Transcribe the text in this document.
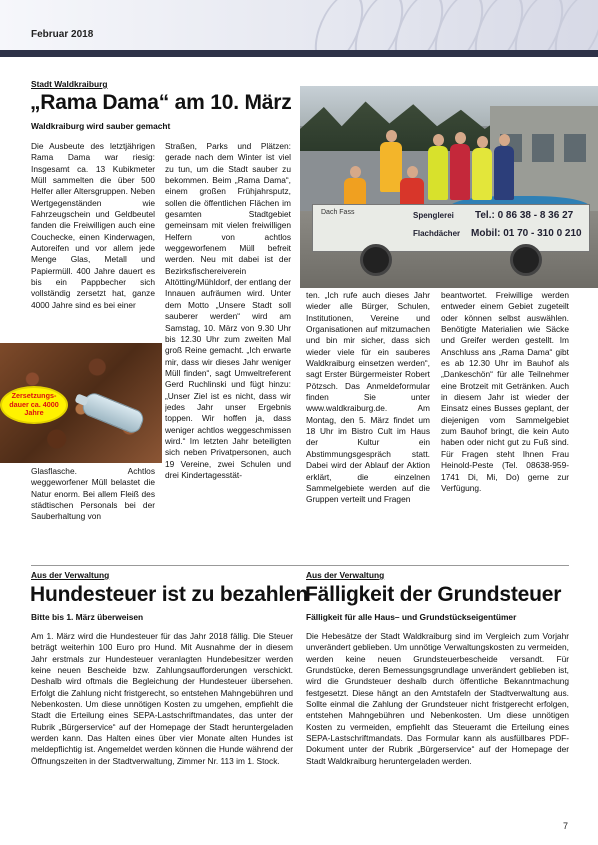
Februar 2018
Stadt Waldkraiburg
„Rama Dama“ am 10. März
Waldkraiburg wird sauber gemacht

Die Ausbeute des letztjährigen Rama Dama war riesig: Insgesamt ca. 13 Kubikmeter Müll sammelten die über 500 Helfer aller Altersgruppen. Neben Wertgegenständen wie Fahrzeugschein und Geldbeutel fanden die Freiwilligen auch eine Couchecke, einen Kinderwagen, Autoreifen und vor allem jede Menge Glas, Metall und Papiermüll. 400 Jahre dauert es bis ein Pappbecher sich vollständig zersetzt hat, ganze 4000 Jahre sind es bei einer

Zersetzungs-dauer ca. 4000 Jahre

Glasflasche. Achtlos weggeworfener Müll belastet die Natur enorm. Bei allem Fleiß des städtischen Personals bei der Sauberhaltung von

Straßen, Parks und Plätzen: gerade nach dem Winter ist viel zu tun, um die Stadt sauber zu bekommen. Beim „Rama Dama“, einem großen Frühjahrsputz, sollen die öffentlichen Flächen im gesamten Stadtgebiet gemeinsam mit vielen freiwilligen Helfern von achtlos weggeworfenem Müll befreit werden. Neu mit dabei ist der Bezirksfischereiverein Altötting/Mühldorf, der entlang der Innauen aufräumen wird. Unter dem Motto „Unsere Stadt soll sauberer werden“ wird am Samstag, 10. März von 9.30 Uhr bis 12.30 Uhr zum zweiten Mal groß Reine gemacht. „Ich erwarte mir, dass wir dieses Jahr weniger Müll finden“, sagt Umweltreferent Gerd Ruchlinski und fügt hinzu: „Unser Ziel ist es nicht, dass wir jedes Jahr unser Ergebnis toppen. Wir hoffen ja, dass weniger achtlos weggeschmissen wird.“ Im letzten Jahr beteiligten sich neben Privatpersonen, auch 19 Vereine, zwei Schulen und drei Kindertagesstät-

Dach Fass	Spenglerei
Flachdächer
Tel.: 0 86 38 - 8 36 27
Mobil: 01 70 - 310 0 210

ten. „Ich rufe auch dieses Jahr wieder alle Bürger, Schulen, Institutionen, Vereine und Organisationen auf mitzumachen und bin mir sicher, dass sich wieder viele für ein sauberes Waldkraiburg einsetzen werden“, sagt Erster Bürgermeister Robert Pötzsch. Das Anmeldeformular finden Sie unter www.waldkraiburg.de. Am Montag, den 5. März findet um 18 Uhr im Bistro Cult im Haus der Kultur ein Abstimmungsgespräch statt. Dabei wird der Ablauf der Aktion erklärt, die einzelnen Sammelgebiete werden auf die Gruppen verteilt und Fragen

beantwortet. Freiwillige werden entweder einem Gebiet zugeteilt oder können selbst auswählen. Benötigte Materialien wie Säcke und Greifer werden gestellt. Im Anschluss ans „Rama Dama“ gibt es ab 12.30 Uhr im Bauhof als „Dankeschön“ für alle Teilnehmer eine Brotzeit mit Getränken. Auch in diesem Jahr ist wieder der Einsatz eines Busses geplant, der diejenigen vom Sammelgebiet zum Bauhof bringt, die kein Auto haben oder nicht gut zu Fuß sind. Für Fragen steht Ihnen Frau Heinold-Peste (Tel. 08638-959-1741 Di, Mi, Do) gerne zur Verfügung.

Aus der Verwaltung
Hundesteuer ist zu bezahlen
Bitte bis 1. März überweisen

Am 1. März wird die Hundesteuer für das Jahr 2018 fällig. Die Steuer beträgt weiterhin 100 Euro pro Hund. Mit Ausnahme der in diesem Jahr erstmals zur Hundesteuer veranlagten Hundebesitzer werden keine neuen Bescheide bzw. Zahlungsaufforderungen verschickt. Deshalb wird oftmals die Begleichung der Hundesteuer übersehen. Erfolgt die Zahlung nicht fristgerecht, so entstehen Mahngebühren und Nebenkosten. Um diese unnötigen Kosten zu umgehen, empfiehlt die Stadt die Erteilung eines SEPA-Lastschriftmandates, das unter der Rubrik „Bürgerservice“ auf der Homepage der Stadt heruntergeladen werden kann. Das Halten eines über vier Monate alten Hundes ist meldepflichtig ist. Angemeldet werden können die Hunde während der Öffnungszeiten in der Stadtverwaltung, Zimmer Nr. 113 im 1. Stock.

Aus der Verwaltung
Fälligkeit der Grundsteuer
Fälligkeit für alle Haus– und Grundstückseigentümer

Die Hebesätze der Stadt Waldkraiburg sind im Vergleich zum Vorjahr unverändert geblieben. Um unnötige Verwaltungskosten zu vermeiden, werden keine neuen Grundsteuerbescheide versandt. Für Grundstücke, deren Bemessungsgrundlage unverändert geblieben ist, wird die Grundsteuer deshalb durch öffentliche Bekanntmachung festgesetzt. Diese hängt an den Amtstafeln der Stadtverwaltung aus. Sollte einmal die Zahlung der Grundsteuer nicht fristgerecht erfolgen, entstehen Mahngebühren und Nebenkosten. Um diese unnötigen Kosten zu vermeiden, empfiehlt das Steueramt die Erteilung eines SEPA-Lastschriftmandats. Das Formular kann als ausfüllbares PDF-Dokument unter der Rubrik „Bürgerservice“ auf der Homepage der Stadt Waldkraiburg heruntergeladen werden.

7
